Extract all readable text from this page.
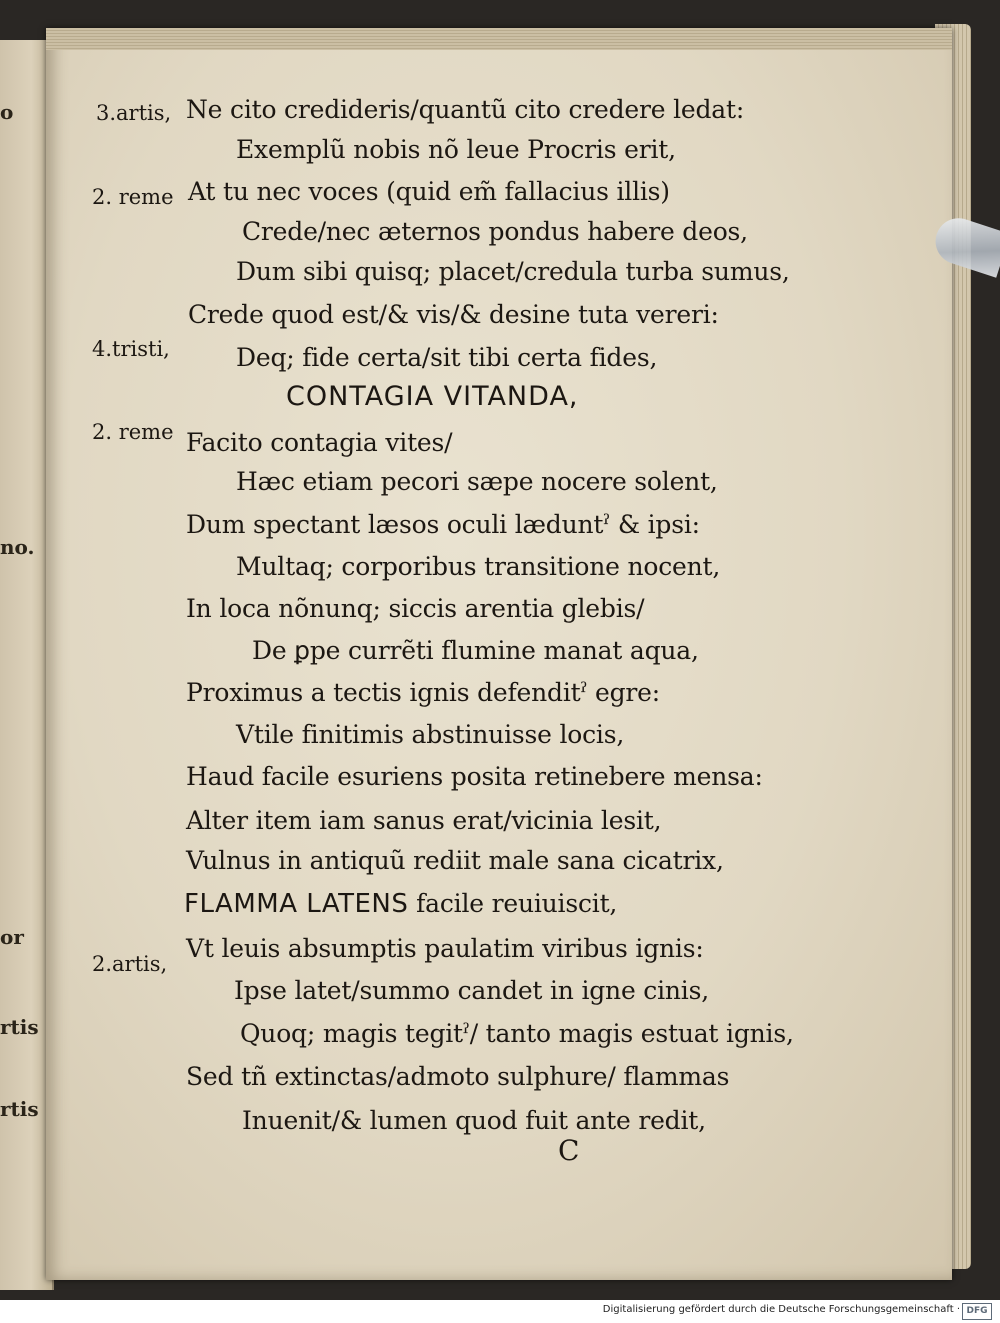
o
no.
or
rtis
rtis
3.artis, Ne cito credideris/quantũ cito credere ledat:
Exemplũ nobis nõ leue Procris erit,
2. reme At tu nec voces (quid em̃ fallacius illis)
Crede/nec æternos pondus habere deos,
Dum sibi quisq; placet/credula turba sumus,
Crede quod est/& vis/& desine tuta vereri:
4.tristi,	Deq; fide certa/sit tibi certa fides,
CONTAGIA VITANDA,
2. reme Facito contagia vites/
Hæc etiam pecori sæpe nocere solent,
Dum spectant læsos oculi læduntˀ & ipsi:
Multaq; corporibus transitione nocent,
In loca nõnunq; siccis arentia glebis/
De ꝑpe currẽti flumine manat aqua,
Proximus a tectis ignis defenditˀ egre:
Vtile finitimis abstinuisse locis,
Haud facile esuriens posita retinebere mensa:
Alter item iam sanus erat/vicinia lesit,
Vulnus in antiquũ rediit male sana cicatrix,
FLAMMA LATENS facile reuiuiscit,
2.artis,
Vt leuis absumptis paulatim viribus ignis:
Ipse latet/summo candet in igne cinis,
Quoq; magis tegitˀ/ tanto magis estuat ignis,
Sed tñ extinctas/admoto sulphure/ flammas
Inuenit/& lumen quod fuit ante redit,
C
Digitalisierung gefördert durch die Deutsche Forschungsgemeinschaft · DFG
